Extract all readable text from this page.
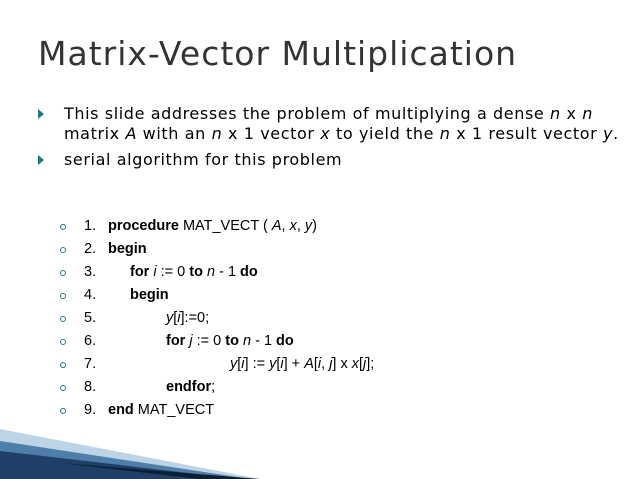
Matrix-Vector Multiplication
This slide addresses the problem of multiplying a dense n x n matrix A with an n x 1 vector x to yield the n x 1 result vector y.
serial algorithm for this problem
1. procedure MAT_VECT ( A, x, y)
2. begin
3. for i := 0 to n - 1 do
4. begin
5.	y[i]:=0;
6.	for j := 0 to n - 1 do
7.	y[i] := y[i] + A[i, j] x x[j];
8.	endfor;
9. end MAT_VECT
